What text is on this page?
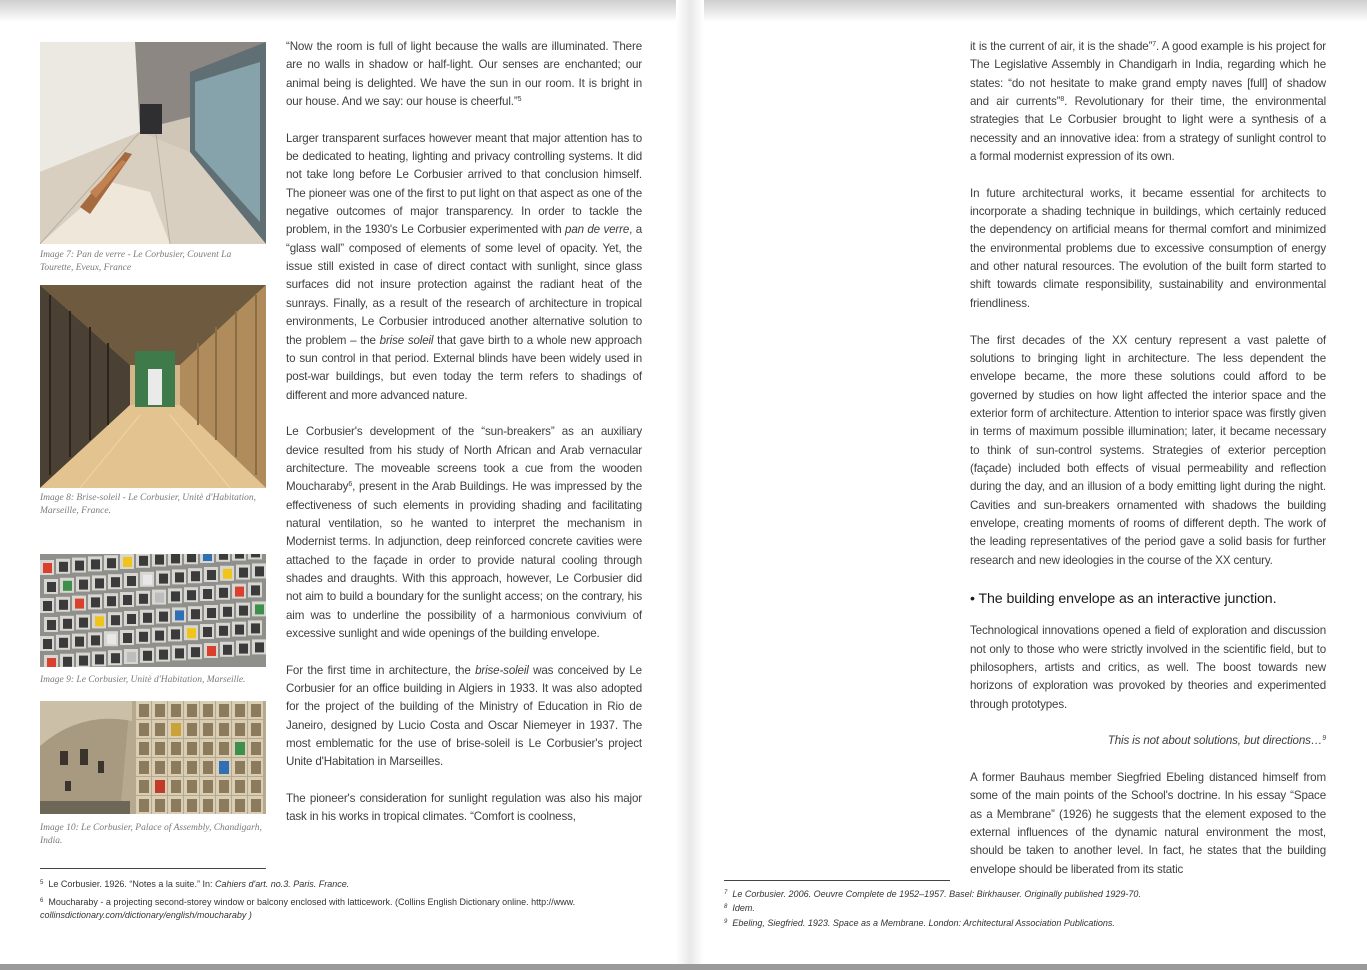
Image 7: Pan de verre - Le Corbusier, Couvent La Tourette, Eveux, France
Image 8: Brise-soleil - Le Corbusier, Unitè d'Habitation, Marseille, France.
Image 9: Le Corbusier, Unitè d'Habitation, Marseille.
Image 10: Le Corbusier, Palace of Assembly, Chandigarh, India.

“Now the room is full of light because the walls are illuminated. There are no walls in shadow or half-light. Our senses are enchanted; our animal being is delighted. We have the sun in our room. It is bright in our house. And we say: our house is cheerful.”$^5$

Larger transparent surfaces however meant that major attention has to be dedicated to heating, lighting and privacy controlling systems. It did not take long before Le Corbusier arrived to that conclusion himself. The pioneer was one of the first to put light on that aspect as one of the negative outcomes of major transparency. In order to tackle the problem, in the 1930's Le Corbusier experimented with pan de verre, a “glass wall” composed of elements of some level of opacity. Yet, the issue still existed in case of direct contact with sunlight, since glass surfaces did not insure protection against the radiant heat of the sunrays. Finally, as a result of the research of architecture in tropical environments, Le Corbusier introduced another alternative solution to the problem – the brise soleil that gave birth to a whole new approach to sun control in that period. External blinds have been widely used in post-war buildings, but even today the term refers to shadings of different and more advanced nature.

Le Corbusier's development of the “sun-breakers” as an auxiliary device resulted from his study of North African and Arab vernacular architecture. The moveable screens took a cue from the wooden Moucharaby$^6$, present in the Arab Buildings. He was impressed by the effectiveness of such elements in providing shading and facilitating natural ventilation, so he wanted to interpret the mechanism in Modernist terms. In adjunction, deep reinforced concrete cavities were attached to the façade in order to provide natural cooling through shades and draughts. With this approach, however, Le Corbusier did not aim to build a boundary for the sunlight access; on the contrary, his aim was to underline the possibility of a harmonious convivium of excessive sunlight and wide openings of the building envelope.

For the first time in architecture, the brise-soleil was conceived by Le Corbusier for an office building in Algiers in 1933. It was also adopted for the project of the building of the Ministry of Education in Rio de Janeiro, designed by Lucio Costa and Oscar Niemeyer in 1937. The most emblematic for the use of brise-soleil is Le Corbusier's project Unite d'Habitation in Marseilles.

The pioneer's consideration for sunlight regulation was also his major task in his works in tropical climates. “Comfort is coolness,

$^5$ Le Corbusier. 1926. “Notes a la suite.” In: Cahiers d'art. no.3. Paris. France.
$^6$ Moucharaby - a projecting second-storey window or balcony enclosed with latticework. (Collins English Dictionary online. http://www.
collinsdictionary.com/dictionary/english/moucharaby )

it is the current of air, it is the shade”$^7$. A good example is his project for The Legislative Assembly in Chandigarh in India, regarding which he states: “do not hesitate to make grand empty naves [full] of shadow and air currents”$^8$. Revolutionary for their time, the environmental strategies that Le Corbusier brought to light were a synthesis of a necessity and an innovative idea: from a strategy of sunlight control to a formal modernist expression of its own.

In future architectural works, it became essential for architects to incorporate a shading technique in buildings, which certainly reduced the dependency on artificial means for thermal comfort and minimized the environmental problems due to excessive consumption of energy and other natural resources. The evolution of the built form started to shift towards climate responsibility, sustainability and environmental friendliness.

The first decades of the XX century represent a vast palette of solutions to bringing light in architecture. The less dependent the envelope became, the more these solutions could afford to be governed by studies on how light affected the interior space and the exterior form of architecture. Attention to interior space was firstly given in terms of maximum possible illumination; later, it became necessary to think of sun-control systems. Strategies of exterior perception (façade) included both effects of visual permeability and reflection during the day, and an illusion of a body emitting light during the night. Cavities and sun-breakers ornamented with shadows the building envelope, creating moments of rooms of different depth. The work of the leading representatives of the period gave a solid basis for further research and new ideologies in the course of the XX century.

• The building envelope as an interactive junction.

Technological innovations opened a field of exploration and discussion not only to those who were strictly involved in the scientific field, but to philosophers, artists and critics, as well. The boost towards new horizons of exploration was provoked by theories and experimented through prototypes.

This is not about solutions, but directions…$^9$

A former Bauhaus member Siegfried Ebeling distanced himself from some of the main points of the School's doctrine. In his essay “Space as a Membrane” (1926) he suggests that the element exposed to the external influences of the dynamic natural environment the most, should be taken to another level. In fact, he states that the building envelope should be liberated from its static

$^7$ Le Corbusier. 2006. Oeuvre Complete de 1952–1957. Basel: Birkhauser. Originally published 1929-70.
$^8$ Idem.
$^9$ Ebeling, Siegfried. 1923. Space as a Membrane. London: Architectural Association Publications.
